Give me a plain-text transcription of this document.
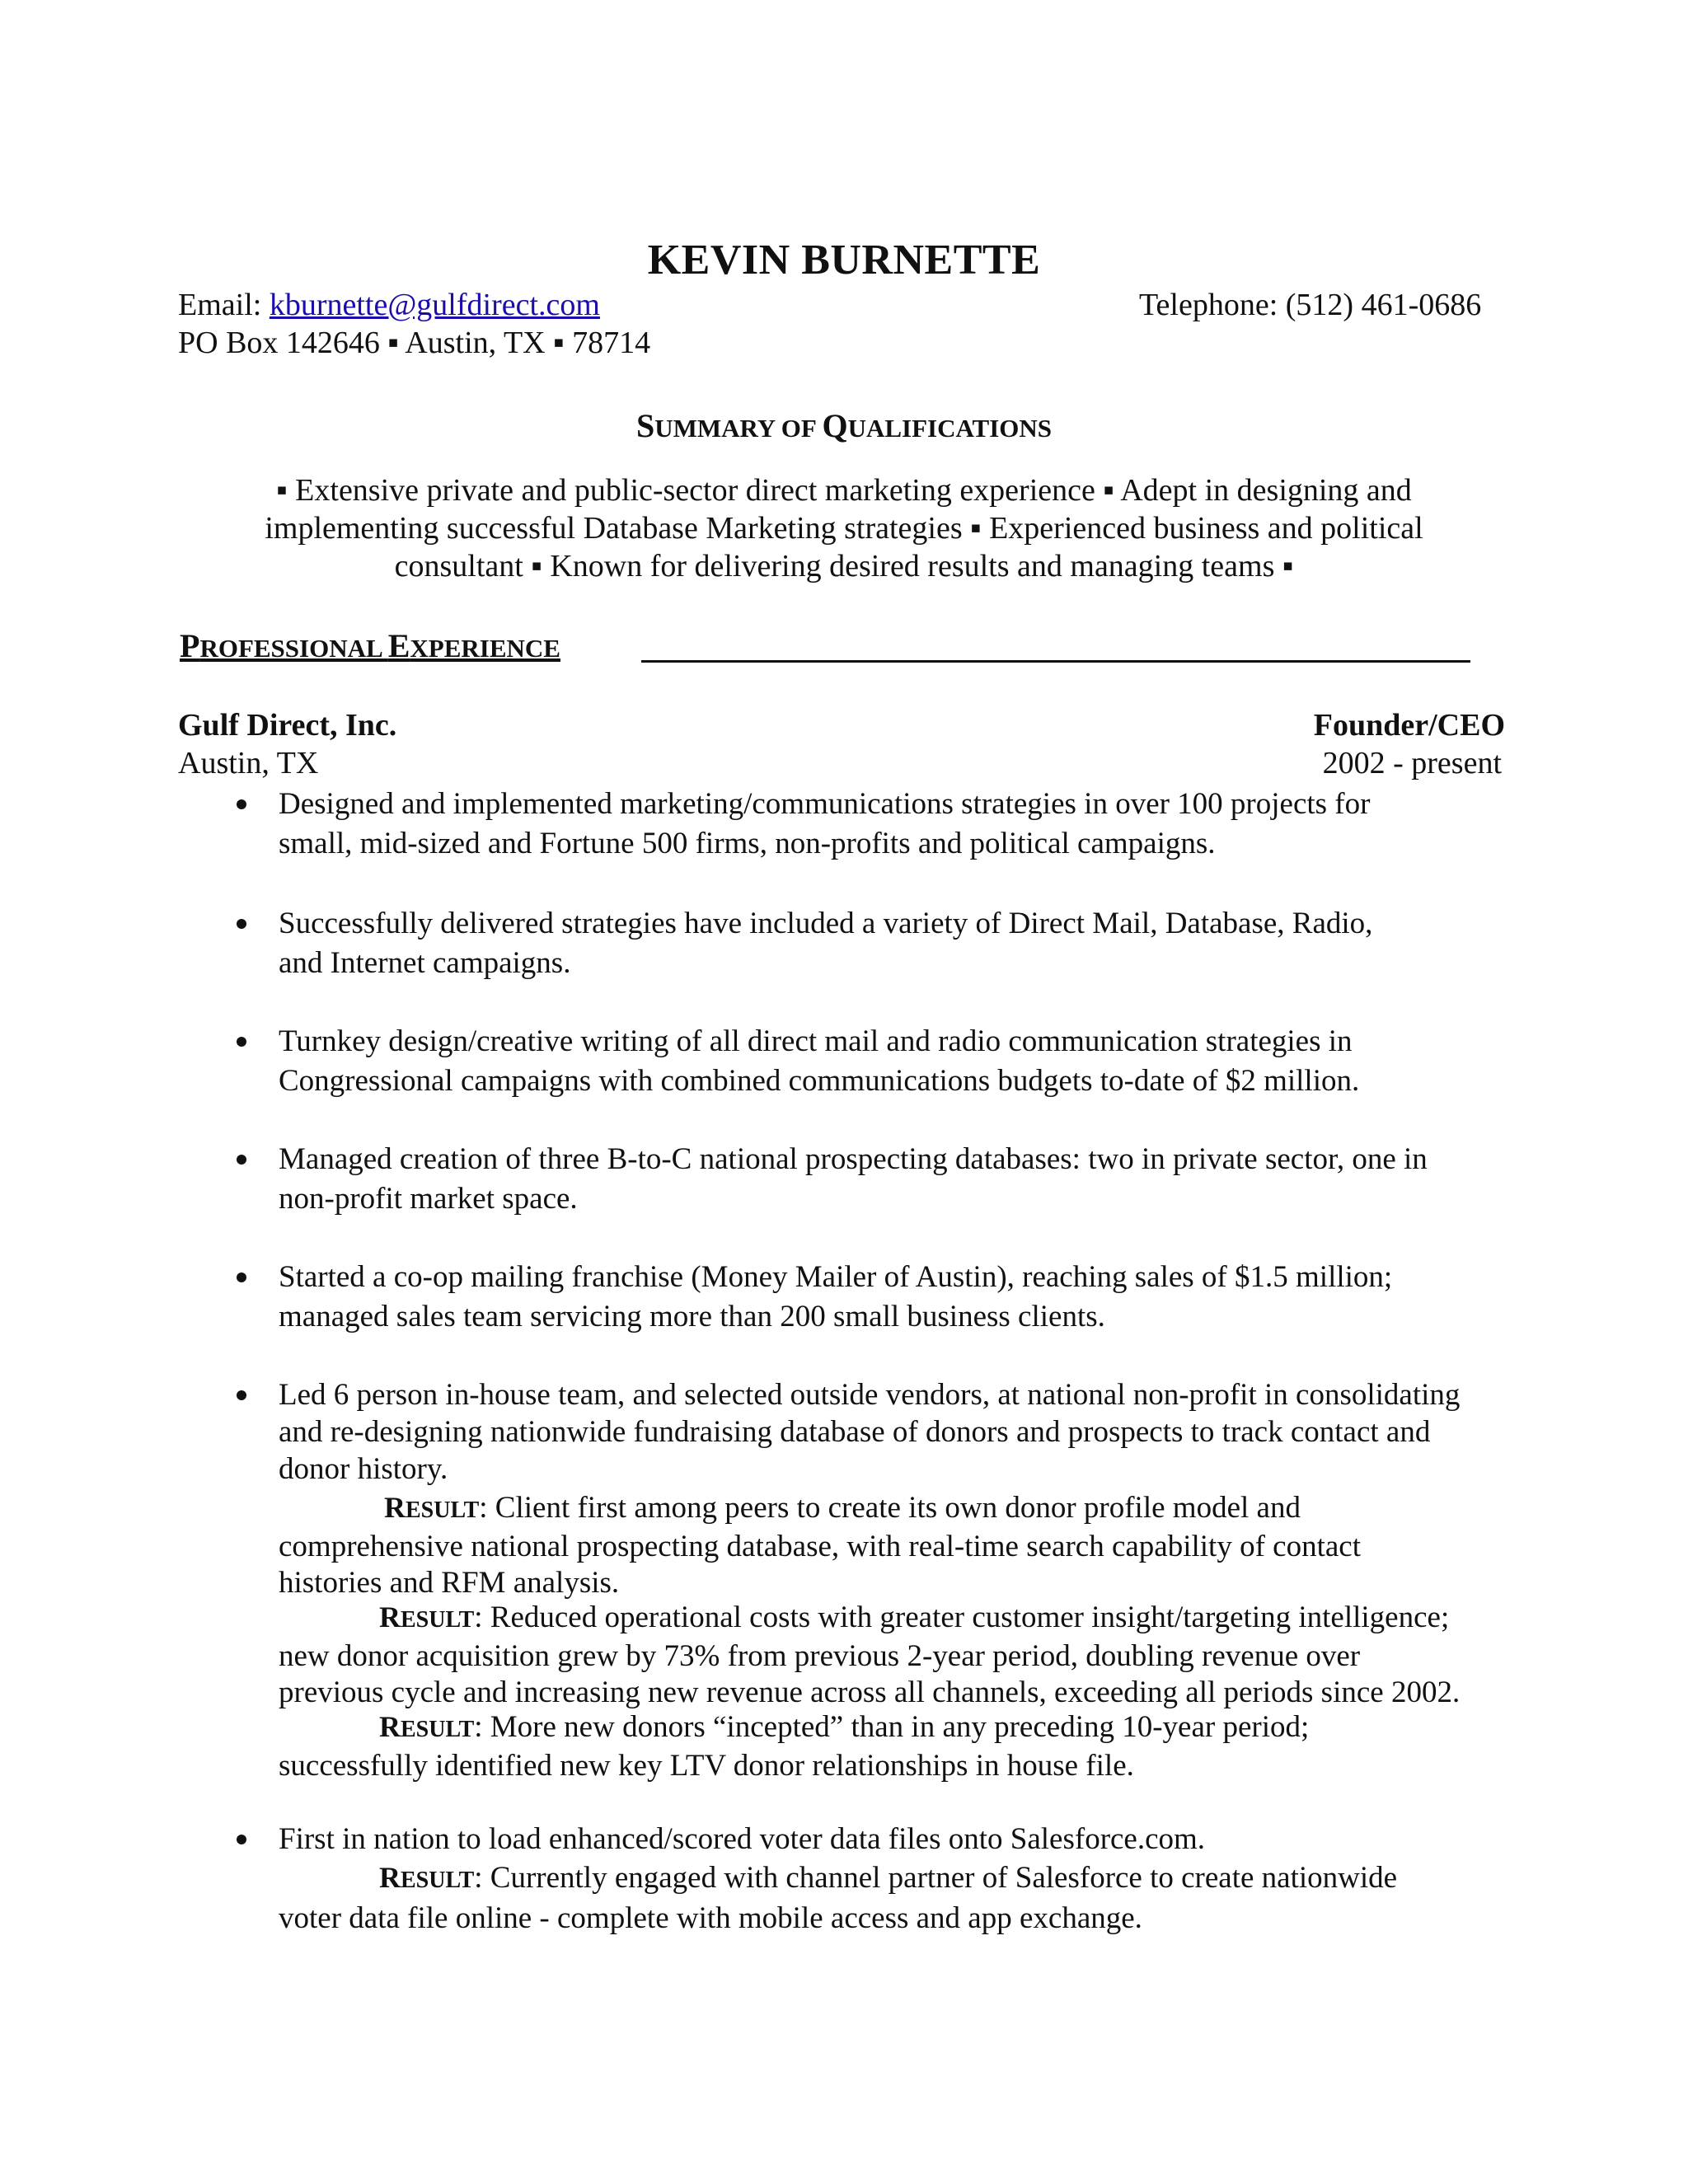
KEVIN BURNETTE
Email: kburnette@gulfdirect.com	Telephone: (512) 461-0686
PO Box 142646 ▪ Austin, TX ▪ 78714
SUMMARY OF QUALIFICATIONS
▪ Extensive private and public-sector direct marketing experience ▪ Adept in designing and
implementing successful Database Marketing strategies ▪ Experienced business and political
consultant ▪ Known for delivering desired results and managing teams ▪
PROFESSIONAL EXPERIENCE
Gulf Direct, Inc.	Founder/CEO
Austin, TX	2002 - present
Designed and implemented marketing/communications strategies in over 100 projects for
small, mid-sized and Fortune 500 firms, non-profits and political campaigns.
Successfully delivered strategies have included a variety of Direct Mail, Database, Radio,
and Internet campaigns.
Turnkey design/creative writing of all direct mail and radio communication strategies in
Congressional campaigns with combined communications budgets to-date of $2 million.
Managed creation of three B-to-C national prospecting databases: two in private sector, one in
non-profit market space.
Started a co-op mailing franchise (Money Mailer of Austin), reaching sales of $1.5 million;
managed sales team servicing more than 200 small business clients.
Led 6 person in-house team, and selected outside vendors, at national non-profit in consolidating
and re-designing nationwide fundraising database of donors and prospects to track contact and
donor history.
RESULT: Client first among peers to create its own donor profile model and
comprehensive national prospecting database, with real-time search capability of contact
histories and RFM analysis.
RESULT: Reduced operational costs with greater customer insight/targeting intelligence;
new donor acquisition grew by 73% from previous 2-year period, doubling revenue over
previous cycle and increasing new revenue across all channels, exceeding all periods since 2002.
RESULT: More new donors “incepted” than in any preceding 10-year period;
successfully identified new key LTV donor relationships in house file.
First in nation to load enhanced/scored voter data files onto Salesforce.com.
RESULT: Currently engaged with channel partner of Salesforce to create nationwide
voter data file online - complete with mobile access and app exchange.
